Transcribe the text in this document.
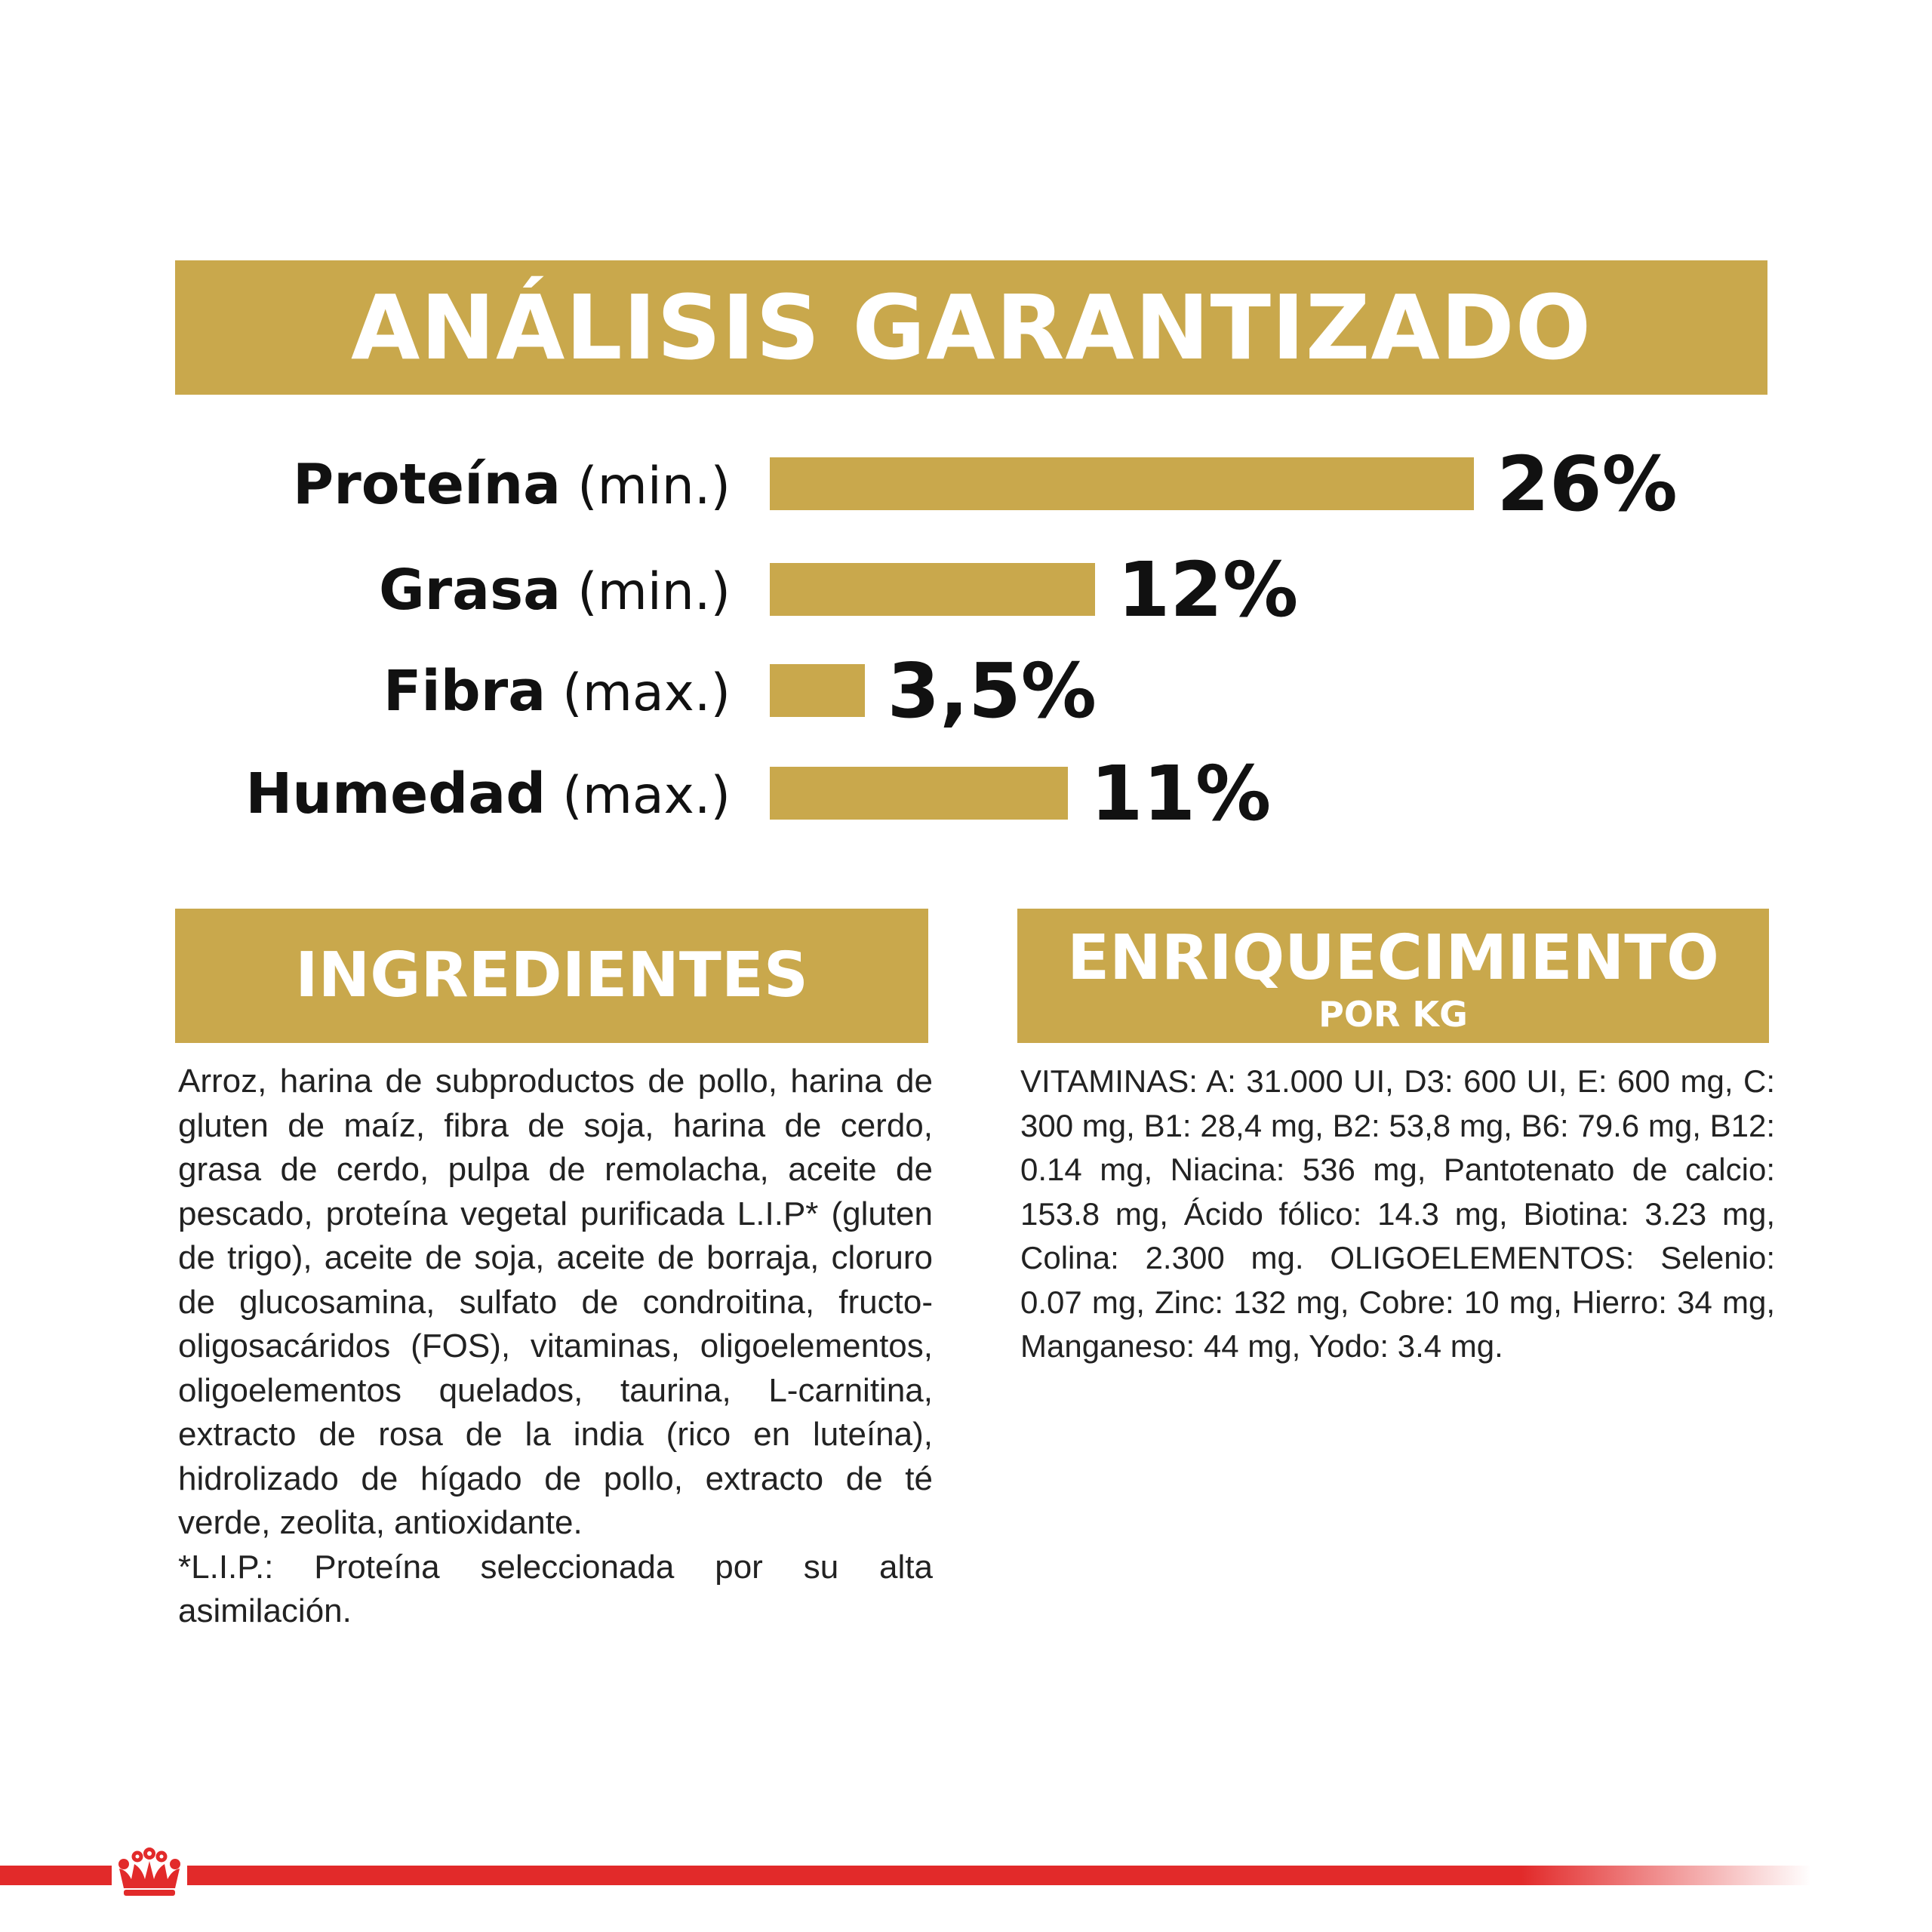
ANÁLISIS GARANTIZADO
Proteína (min.)	26%
Grasa (min.)	12%
Fibra (max.) 3,5%
Humedad (max.)	11%
INGREDIENTES	ENRIQUECIMIENTO
POR KG
Arroz, harina de subproductos de pollo, harina de gluten de maíz, fibra de soja, harina de cerdo, grasa de cerdo, pulpa de remolacha, aceite de pescado, proteína vegetal purificada L.I.P* (gluten de trigo), aceite de soja, aceite de borraja, cloruro de glucosamina, sulfato de condroitina, fructo-oligosacáridos (FOS), vitaminas, oligoelementos, oligoelementos quelados, taurina, L-carnitina, extracto de rosa de la india (rico en luteína), hidrolizado de hígado de pollo, extracto de té verde, zeolita, antioxidante.
*L.I.P.: Proteína seleccionada por su alta asimilación.
VITAMINAS: A: 31.000 UI, D3: 600 UI, E: 600 mg, C: 300 mg, B1: 28,4 mg, B2: 53,8 mg, B6: 79.6 mg, B12: 0.14 mg, Niacina: 536 mg, Pantotenato de calcio: 153.8 mg, Ácido fólico: 14.3 mg, Biotina: 3.23 mg, Colina: 2.300 mg. OLIGOELEMENTOS: Selenio: 0.07 mg, Zinc: 132 mg, Cobre: 10 mg, Hierro: 34 mg, Manganeso: 44 mg, Yodo: 3.4 mg.
